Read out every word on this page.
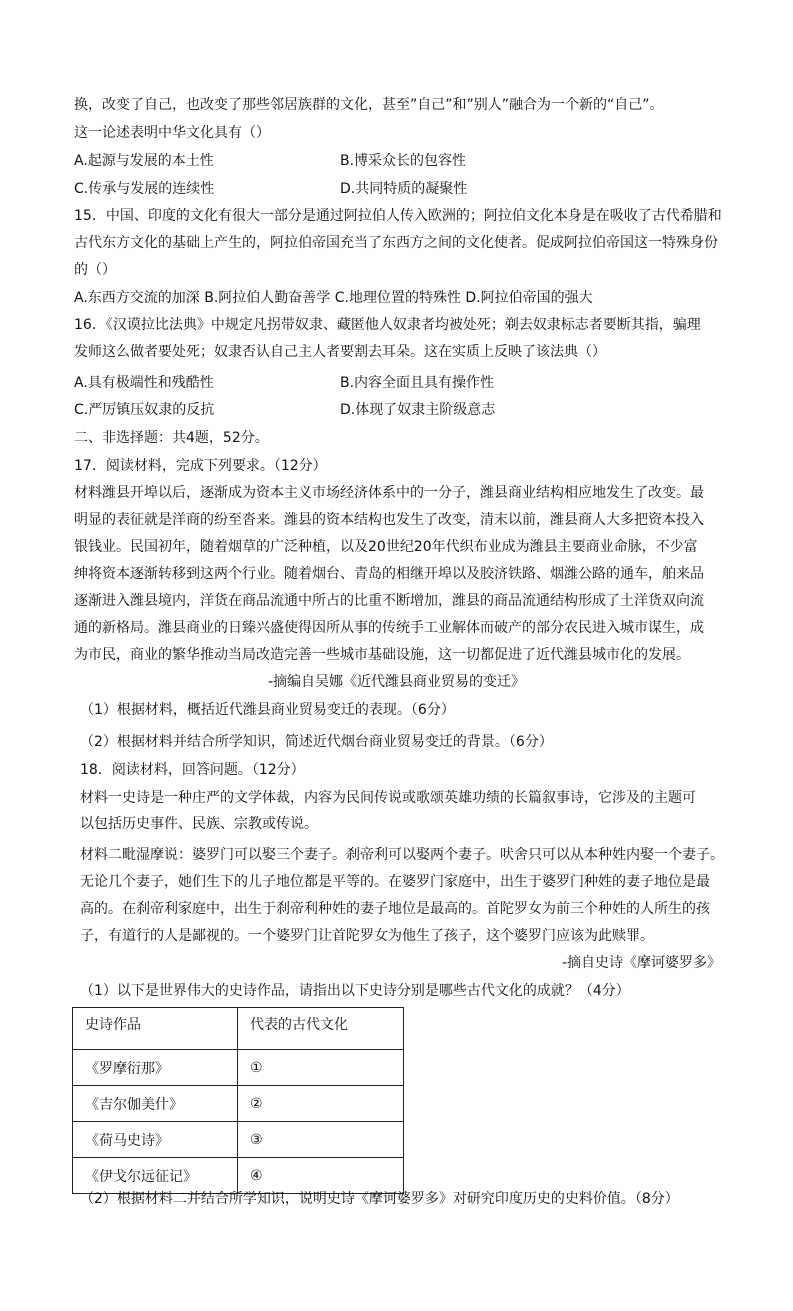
换，改变了自己，也改变了那些邻居族群的文化，甚至”自己”和”别人”融合为一个新的“自己”。
这一论述表明中华文化具有（）
A.起源与发展的本土性	B.博采众长的包容性
C.传承与发展的连续性	D.共同特质的凝聚性
15．中国、印度的文化有很大一部分是通过阿拉伯人传入欧洲的；阿拉伯文化本身是在吸收了古代希腊和
古代东方文化的基础上产生的，阿拉伯帝国充当了东西方之间的文化使者。促成阿拉伯帝国这一特殊身份
的（）
A.东西方交流的加深 B.阿拉伯人勤奋善学 C.地理位置的特殊性 D.阿拉伯帝国的强大
16．《汉谟拉比法典》中规定凡拐带奴隶、藏匿他人奴隶者均被处死；剃去奴隶标志者要断其指，骗理
发师这么做者要处死；奴隶否认自己主人者要割去耳朵。这在实质上反映了该法典（）
A.具有极端性和残酷性	B.内容全面且具有操作性
C.严厉镇压奴隶的反抗	D.体现了奴隶主阶级意志
二、非选择题：共4题，52分。
17．阅读材料，完成下列要求。（12分）
材料潍县开埠以后，逐渐成为资本主义市场经济体系中的一分子，潍县商业结构相应地发生了改变。最
明显的表征就是洋商的纷至沓来。潍县的资本结构也发生了改变，清末以前，潍县商人大多把资本投入
银钱业。民国初年，随着烟草的广泛种植，以及20世纪20年代织布业成为潍县主要商业命脉，不少富
绅将资本逐渐转移到这两个行业。随着烟台、青岛的相继开埠以及胶济铁路、烟潍公路的通车，舶来品
逐渐进入潍县境内，洋货在商品流通中所占的比重不断增加，潍县的商品流通结构形成了土洋货双向流
通的新格局。潍县商业的日臻兴盛使得因所从事的传统手工业解体而破产的部分农民进入城市谋生，成
为市民，商业的繁华推动当局改造完善一些城市基础设施，这一切都促进了近代潍县城市化的发展。
-摘编自吴娜《近代潍县商业贸易的变迁》
（1）根据材料，概括近代潍县商业贸易变迁的表现。（6分）
（2）根据材料并结合所学知识，简述近代烟台商业贸易变迁的背景。（6分）
18．阅读材料，回答问题。（12分）
材料一史诗是一种庄严的文学体裁，内容为民间传说或歌颂英雄功绩的长篇叙事诗，它涉及的主题可
以包括历史事件、民族、宗教或传说。
材料二毗湿摩说：婆罗门可以娶三个妻子。刹帝利可以娶两个妻子。吠舍只可以从本种姓内娶一个妻子。
无论几个妻子，她们生下的儿子地位都是平等的。在婆罗门家庭中，出生于婆罗门种姓的妻子地位是最
高的。在刹帝利家庭中，出生于刹帝利种姓的妻子地位是最高的。首陀罗女为前三个种姓的人所生的孩
子，有道行的人是鄙视的。一个婆罗门让首陀罗女为他生了孩子，这个婆罗门应该为此赎罪。
-摘自史诗《摩诃婆罗多》
（1）以下是世界伟大的史诗作品，请指出以下史诗分别是哪些古代文化的成就？（4分）
史诗作品	代表的古代文化
《罗摩衍那》	①
《吉尔伽美什》	②
《荷马史诗》	③
《伊戈尔远征记》	④
（2）根据材料二并结合所学知识，说明史诗《摩诃婆罗多》对研究印度历史的史料价值。（8分）
